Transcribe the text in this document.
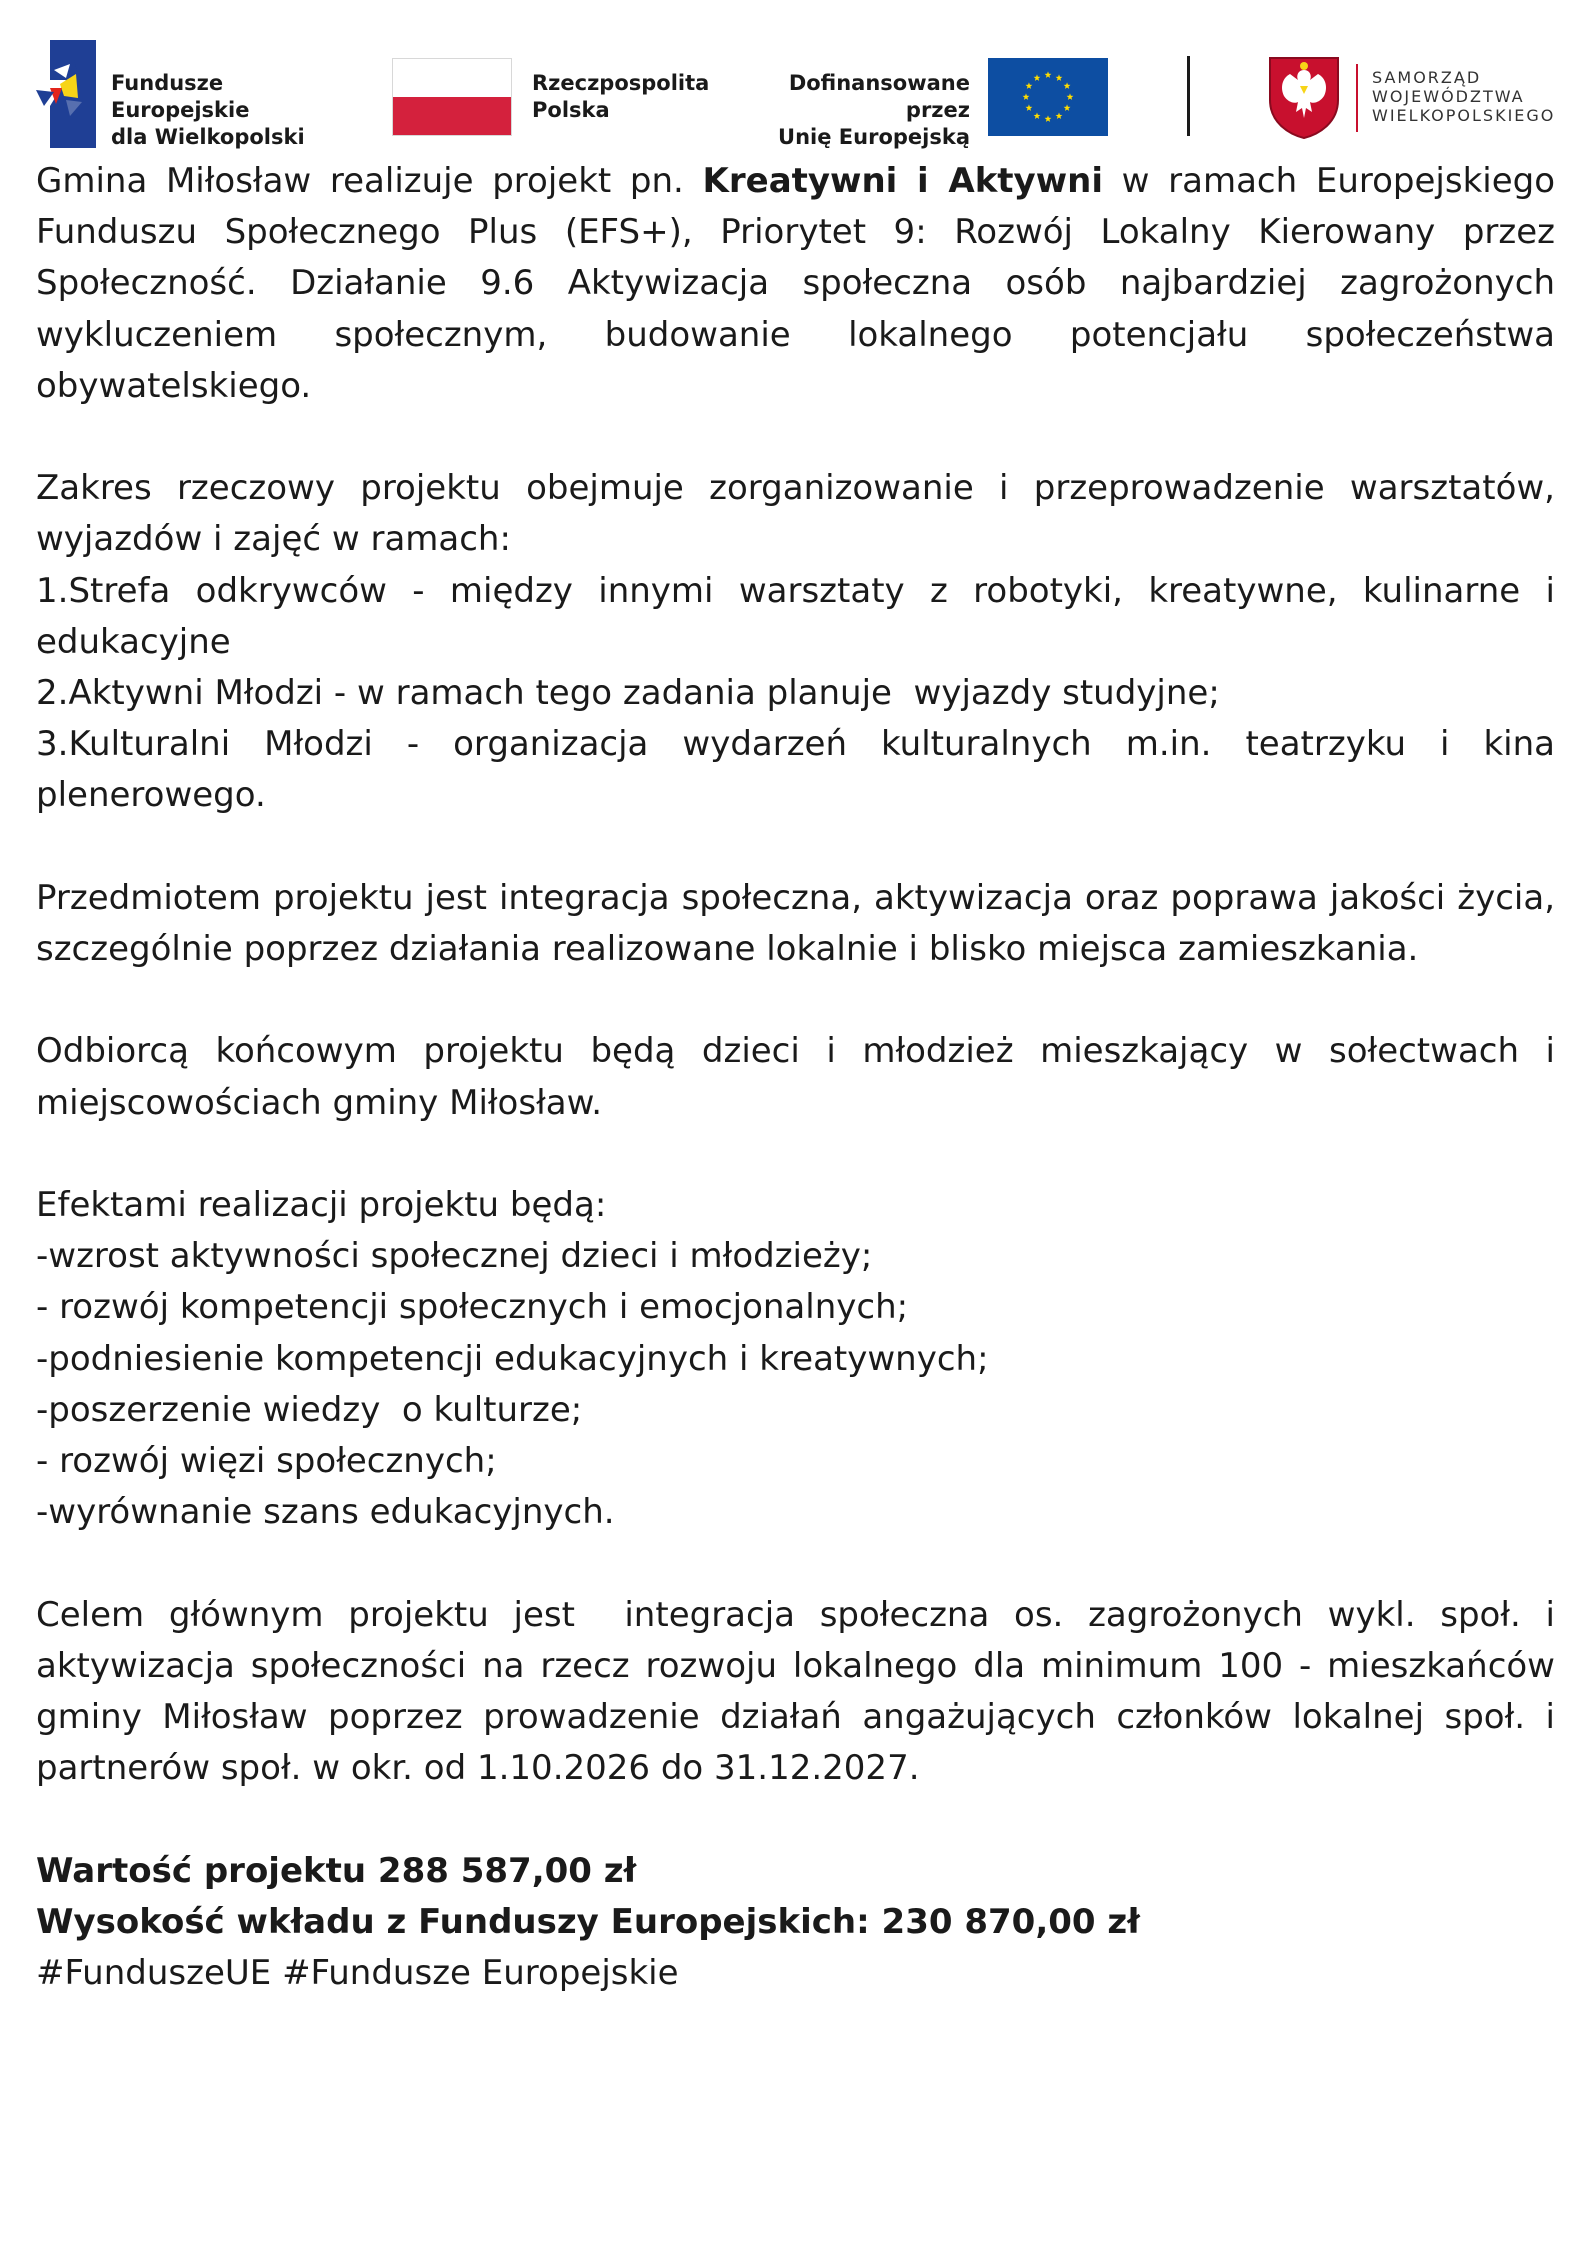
Fundusze Europejskie
dla Wielkopolski
Rzeczpospolita
Polska
Dofinansowane przez
Unię Europejską
SAMORZĄD
WOJEWÓDZTWA
WIELKOPOLSKIEGO

Gmina Miłosław realizuje projekt pn. Kreatywni i Aktywni w ramach Europejskiego
Funduszu Społecznego Plus (EFS+), Priorytet 9: Rozwój Lokalny Kierowany przez
Społeczność. Działanie 9.6 Aktywizacja społeczna osób najbardziej zagrożonych
wykluczeniem społecznym, budowanie lokalnego potencjału społeczeństwa
obywatelskiego.

Zakres rzeczowy projektu obejmuje zorganizowanie i przeprowadzenie warsztatów,
wyjazdów i zajęć w ramach:
1.Strefa odkrywców - między innymi warsztaty z robotyki, kreatywne, kulinarne i
edukacyjne
2.Aktywni Młodzi - w ramach tego zadania planuje  wyjazdy studyjne;
3.Kulturalni Młodzi - organizacja wydarzeń kulturalnych m.in. teatrzyku i kina
plenerowego.

Przedmiotem projektu jest integracja społeczna, aktywizacja oraz poprawa jakości życia,
szczególnie poprzez działania realizowane lokalnie i blisko miejsca zamieszkania.

Odbiorcą końcowym projektu będą dzieci i młodzież mieszkający w sołectwach i
miejscowościach gminy Miłosław.

Efektami realizacji projektu będą:
-wzrost aktywności społecznej dzieci i młodzieży;
- rozwój kompetencji społecznych i emocjonalnych;
-podniesienie kompetencji edukacyjnych i kreatywnych;
-poszerzenie wiedzy  o kulturze;
- rozwój więzi społecznych;
-wyrównanie szans edukacyjnych.

Celem głównym projektu jest  integracja społeczna os. zagrożonych wykl. społ. i
aktywizacja społeczności na rzecz rozwoju lokalnego dla minimum 100 - mieszkańców
gminy Miłosław poprzez prowadzenie działań angażujących członków lokalnej społ. i
partnerów społ. w okr. od 1.10.2026 do 31.12.2027.

Wartość projektu 288 587,00 zł
Wysokość wkładu z Funduszy Europejskich: 230 870,00 zł
#FunduszeUE #Fundusze Europejskie
